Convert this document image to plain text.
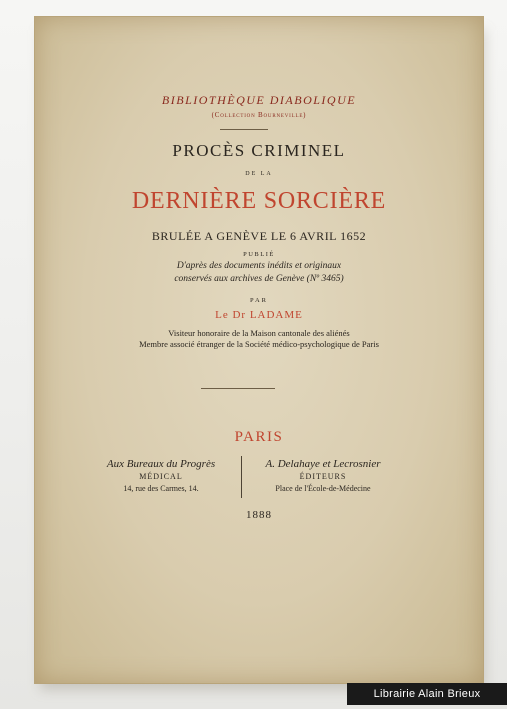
BIBLIOTHÈQUE DIABOLIQUE
(Collection Bourneville)
PROCÈS CRIMINEL
DE LA
DERNIÈRE SORCIÈRE
BRULÉE A GENÈVE LE 6 AVRIL 1652
PUBLIÉ
D'après des documents inédits et originaux
conservés aux archives de Genève (Nº 3465)
PAR
Le Dr LADAME
Visiteur honoraire de la Maison cantonale des aliénés
Membre associé étranger de la Société médico-psychologique de Paris
PARIS
Aux Bureaux du Progrès
MÉDICAL
14, rue des Carmes, 14.
A. Delahaye et Lecrosnier
ÉDITEURS
Place de l'École-de-Médecine
1888
Librairie Alain Brieux
